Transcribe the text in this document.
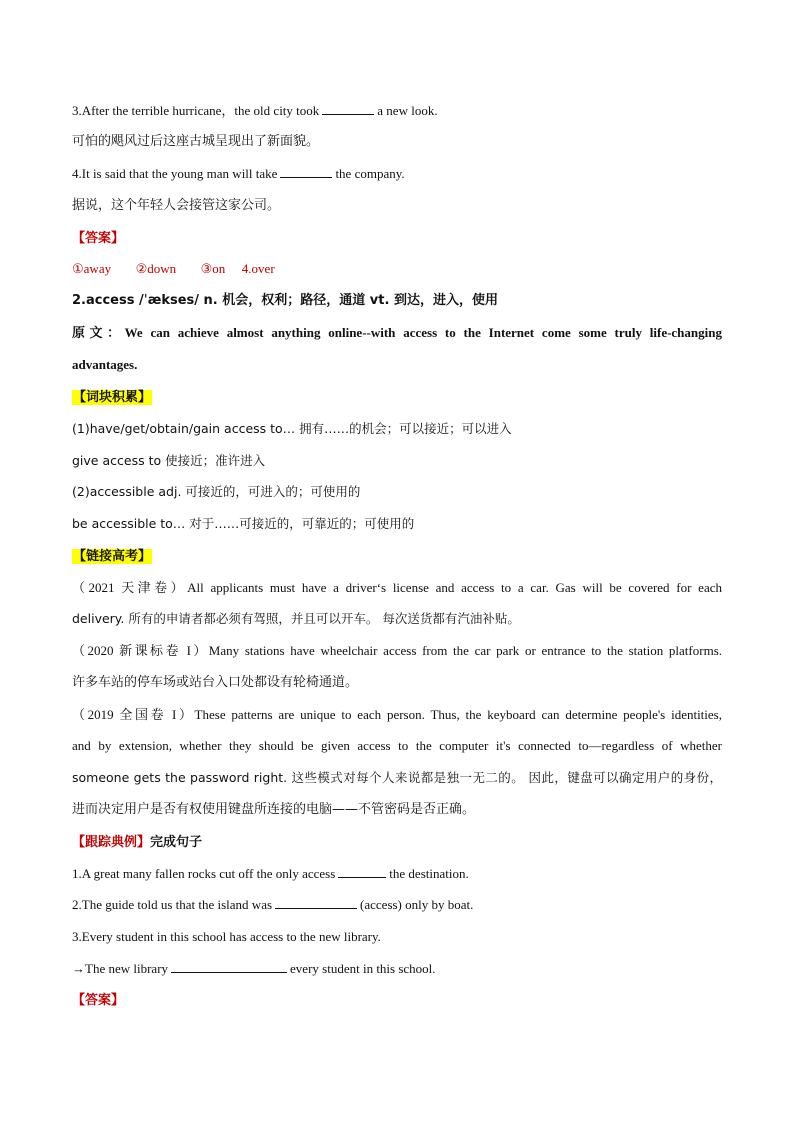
3.After the terrible hurricane，the old city took	a new look.
可怕的飓风过后这座古城呈现出了新面貌。
4.It is said that the young man will take	the company.
据说，这个年轻人会接管这家公司。
【答案】
①away ②down ③on 4.over
2.access /ˈækses/ n. 机会，权利；路径，通道 vt. 到达，进入，使用
原文：We can achieve almost anything online--with access to the Internet come some truly life-changing
advantages.
【词块积累】
(1)have/get/obtain/gain access to… 拥有……的机会；可以接近；可以进入
give access to 使接近；准许进入
(2)accessible adj. 可接近的，可进入的；可使用的
be accessible to… 对于……可接近的，可靠近的；可使用的
【链接高考】
（2021 天津卷）All applicants must have a driver‘s license and access to a car. Gas will be covered for each
delivery. 所有的申请者都必须有驾照，并且可以开车。 每次送货都有汽油补贴。
（2020 新课标卷 I）Many stations have wheelchair access from the car park or entrance to the station platforms.
许多车站的停车场或站台入口处都设有轮椅通道。
（2019 全国卷 I）These patterns are unique to each person. Thus, the keyboard can determine people's identities,
and by extension, whether they should be given access to the computer it's connected to—regardless of whether
someone gets the password right. 这些模式对每个人来说都是独一无二的。 因此，键盘可以确定用户的身份，
进而决定用户是否有权使用键盘所连接的电脑——不管密码是否正确。
【跟踪典例】完成句子
1.A great many fallen rocks cut off the only access	the destination.
2.The guide told us that the island was	(access) only by boat.
3.Every student in this school has access to the new library.
→The new library	every student in this school.
【答案】
